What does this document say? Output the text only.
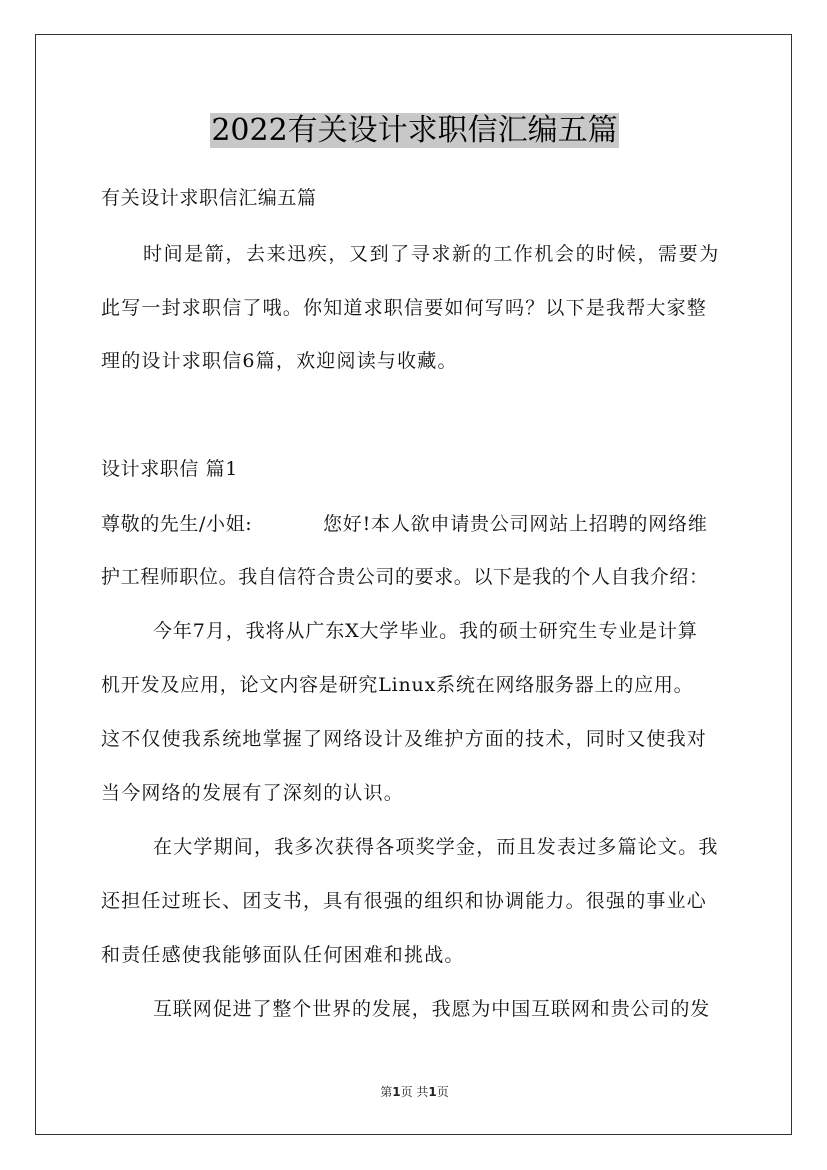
2022有关设计求职信汇编五篇
有关设计求职信汇编五篇
时间是箭，去来迅疾，又到了寻求新的工作机会的时候，需要为
此写一封求职信了哦。你知道求职信要如何写吗？以下是我帮大家整
理的设计求职信6篇，欢迎阅读与收藏。
设计求职信 篇1
尊敬的先生/小姐:	您好!本人欲申请贵公司网站上招聘的网络维
护工程师职位。我自信符合贵公司的要求。以下是我的个人自我介绍：
今年7月，我将从广东X大学毕业。我的硕士研究生专业是计算
机开发及应用，论文内容是研究Linux系统在网络服务器上的应用。
这不仅使我系统地掌握了网络设计及维护方面的技术，同时又使我对
当今网络的发展有了深刻的认识。
在大学期间，我多次获得各项奖学金，而且发表过多篇论文。我
还担任过班长、团支书，具有很强的组织和协调能力。很强的事业心
和责任感使我能够面队任何困难和挑战。
互联网促进了整个世界的发展，我愿为中国互联网和贵公司的发
第1页 共1页
